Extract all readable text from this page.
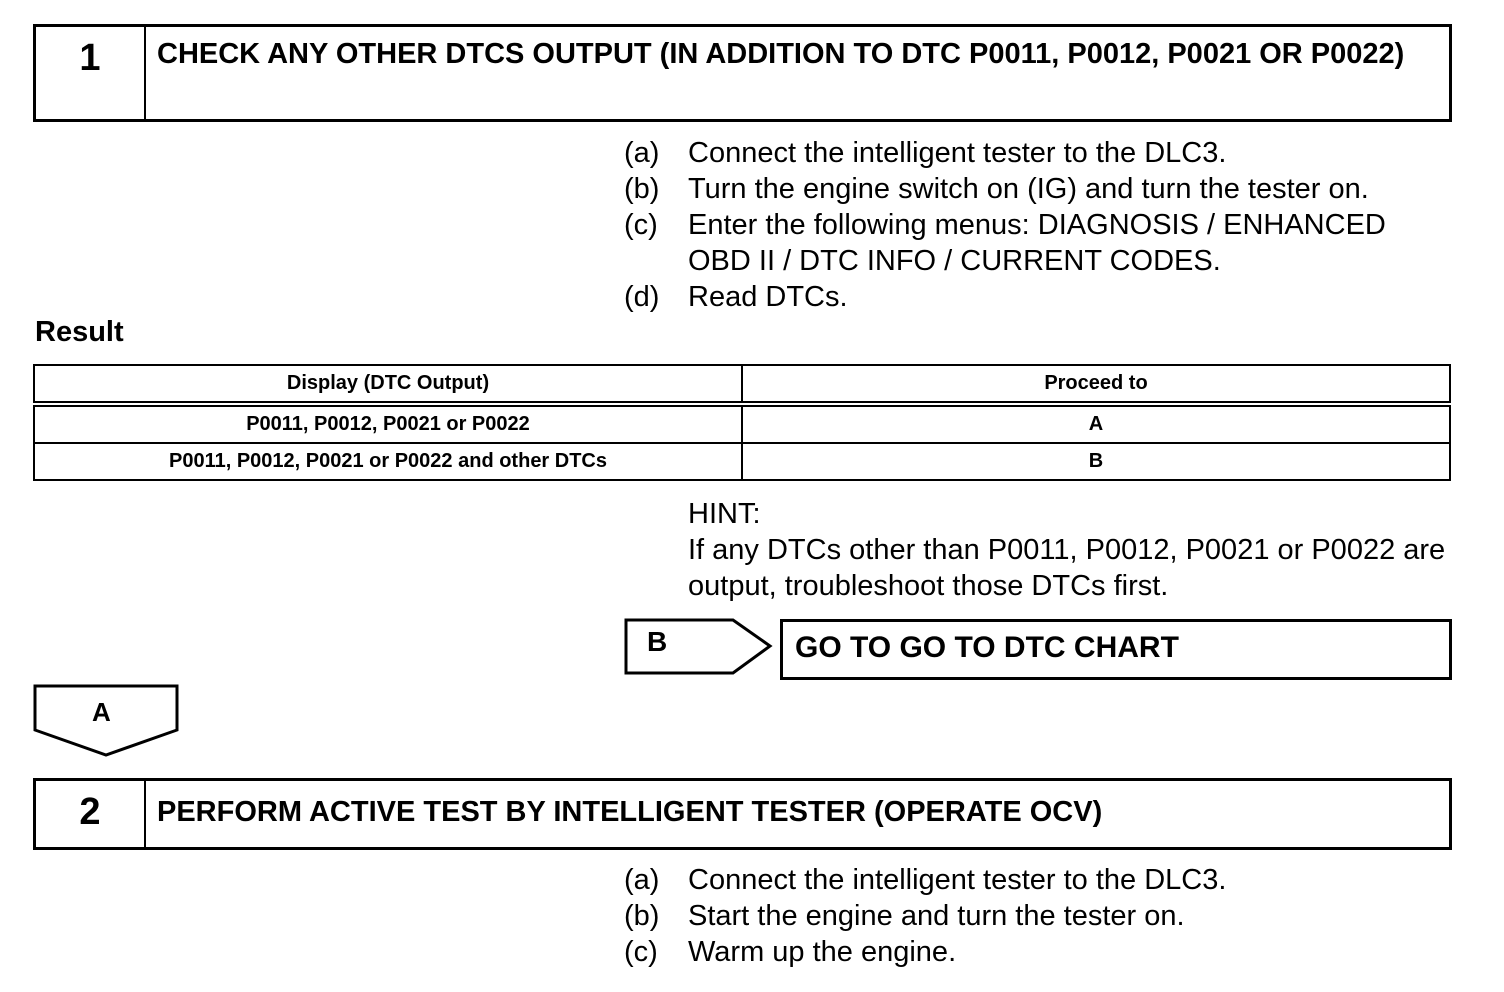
1	CHECK ANY OTHER DTCS OUTPUT (IN ADDITION TO DTC P0011, P0012, P0021 OR P0022)
(a) Connect the intelligent tester to the DLC3.
(b) Turn the engine switch on (IG) and turn the tester on.
(c)	Enter the following menus: DIAGNOSIS / ENHANCED OBD II / DTC INFO / CURRENT CODES.
(d) Read DTCs.
Result
Display (DTC Output)	Proceed to
P0011, P0012, P0021 or P0022	A
P0011, P0012, P0021 or P0022 and other DTCs	B
HINT:
If any DTCs other than P0011, P0012, P0021 or P0022 are output, troubleshoot those DTCs first.
B	GO TO GO TO DTC CHART
A
2	PERFORM ACTIVE TEST BY INTELLIGENT TESTER (OPERATE OCV)
(a) Connect the intelligent tester to the DLC3.
(b) Start the engine and turn the tester on.
(c)	Warm up the engine.
